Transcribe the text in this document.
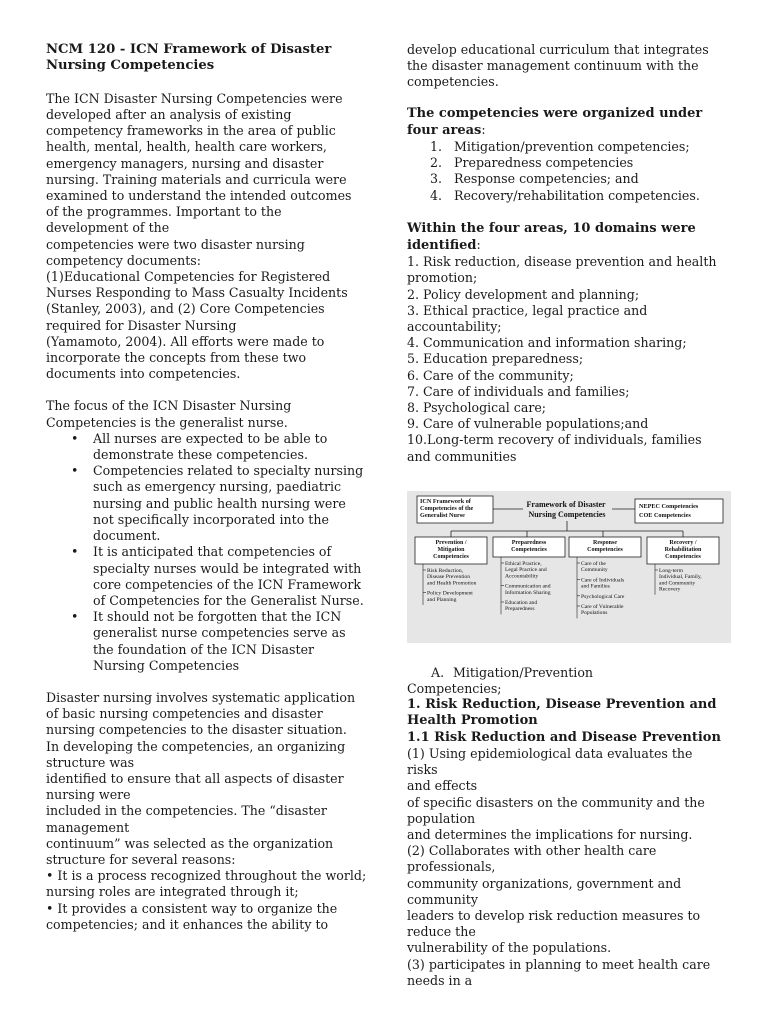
NCM 120 - ICN Framework of Disaster Nursing Competencies

The ICN Disaster Nursing Competencies were

developed after an analysis of existing

competency frameworks in the area of public

health, mental, health, health care workers,

emergency managers, nursing and disaster

nursing. Training materials and curricula were

examined to understand the intended outcomes

of the programmes. Important to the

development of the

competencies were two disaster nursing

competency documents:

(1)Educational Competencies for Registered

Nurses Responding to Mass Casualty Incidents

(Stanley, 2003), and (2) Core Competencies

required for Disaster Nursing

(Yamamoto, 2004). All efforts were made to

incorporate the concepts from these two

documents into competencies.

The focus of the ICN Disaster Nursing

Competencies is the generalist nurse.

• All nurses are expected to be able to demonstrate these competencies.
• Competencies related to specialty nursing such as emergency nursing, paediatric nursing and public health nursing were not specifically incorporated into the document.
• It is anticipated that competencies of specialty nurses would be integrated with core competencies of the ICN Framework of Competencies for the Generalist Nurse.
• It should not be forgotten that the ICN generalist nurse competencies serve as the foundation of the ICN Disaster Nursing Competencies

Disaster nursing involves systematic application

of basic nursing competencies and disaster

nursing competencies to the disaster situation.

In developing the competencies, an organizing

structure was

identified to ensure that all aspects of disaster

nursing were

included in the competencies. The “disaster

management

continuum” was selected as the organization

structure for several reasons:

• It is a process recognized throughout the world;

nursing roles are integrated through it;

• It provides a consistent way to organize the

competencies; and it enhances the ability to

develop educational curriculum that integrates

the disaster management continuum with the

competencies.

The competencies were organized under four areas:

1. Mitigation/prevention competencies;
2. Preparedness competencies
3. Response competencies; and
4. Recovery/rehabilitation competencies.

Within the four areas, 10 domains were identified:

1. Risk reduction, disease prevention and health promotion;

2. Policy development and planning;

3. Ethical practice, legal practice and accountability;

4. Communication and information sharing;

5. Education preparedness;

6. Care of the community;

7. Care of individuals and families;

8. Psychological care;

9. Care of vulnerable populations;and

10.Long-term recovery of individuals, families and communities

ICN Framework of Competencies of the Generalist Nurse
Framework of Disaster Nursing Competencies
NEPEC Competencies COE Competencies
Prevention / Mitigation Competencies
Risk Reduction, Disease Prevention and Health Promotion
Policy Development and Planning
Preparedness Competencies
Ethical Practice, Legal Practice and Accountability
Communication and Information Sharing
Education and Preparedness
Response Competencies
Care of the Community
Care of Individuals and Families
Psychological Care
Care of Vulnerable Populations
Recovery / Rehabilitation Competencies
Long-term Individual, Family, and Community Recovery

A. Mitigation/Prevention

Competencies;

1. Risk Reduction, Disease Prevention and Health Promotion

1.1 Risk Reduction and Disease Prevention

(1) Using epidemiological data evaluates the risks

and effects

of specific disasters on the community and the

population

and determines the implications for nursing.

(2) Collaborates with other health care

professionals,

community organizations, government and

community

leaders to develop risk reduction measures to

reduce the

vulnerability of the populations.

(3) participates in planning to meet health care

needs in a
